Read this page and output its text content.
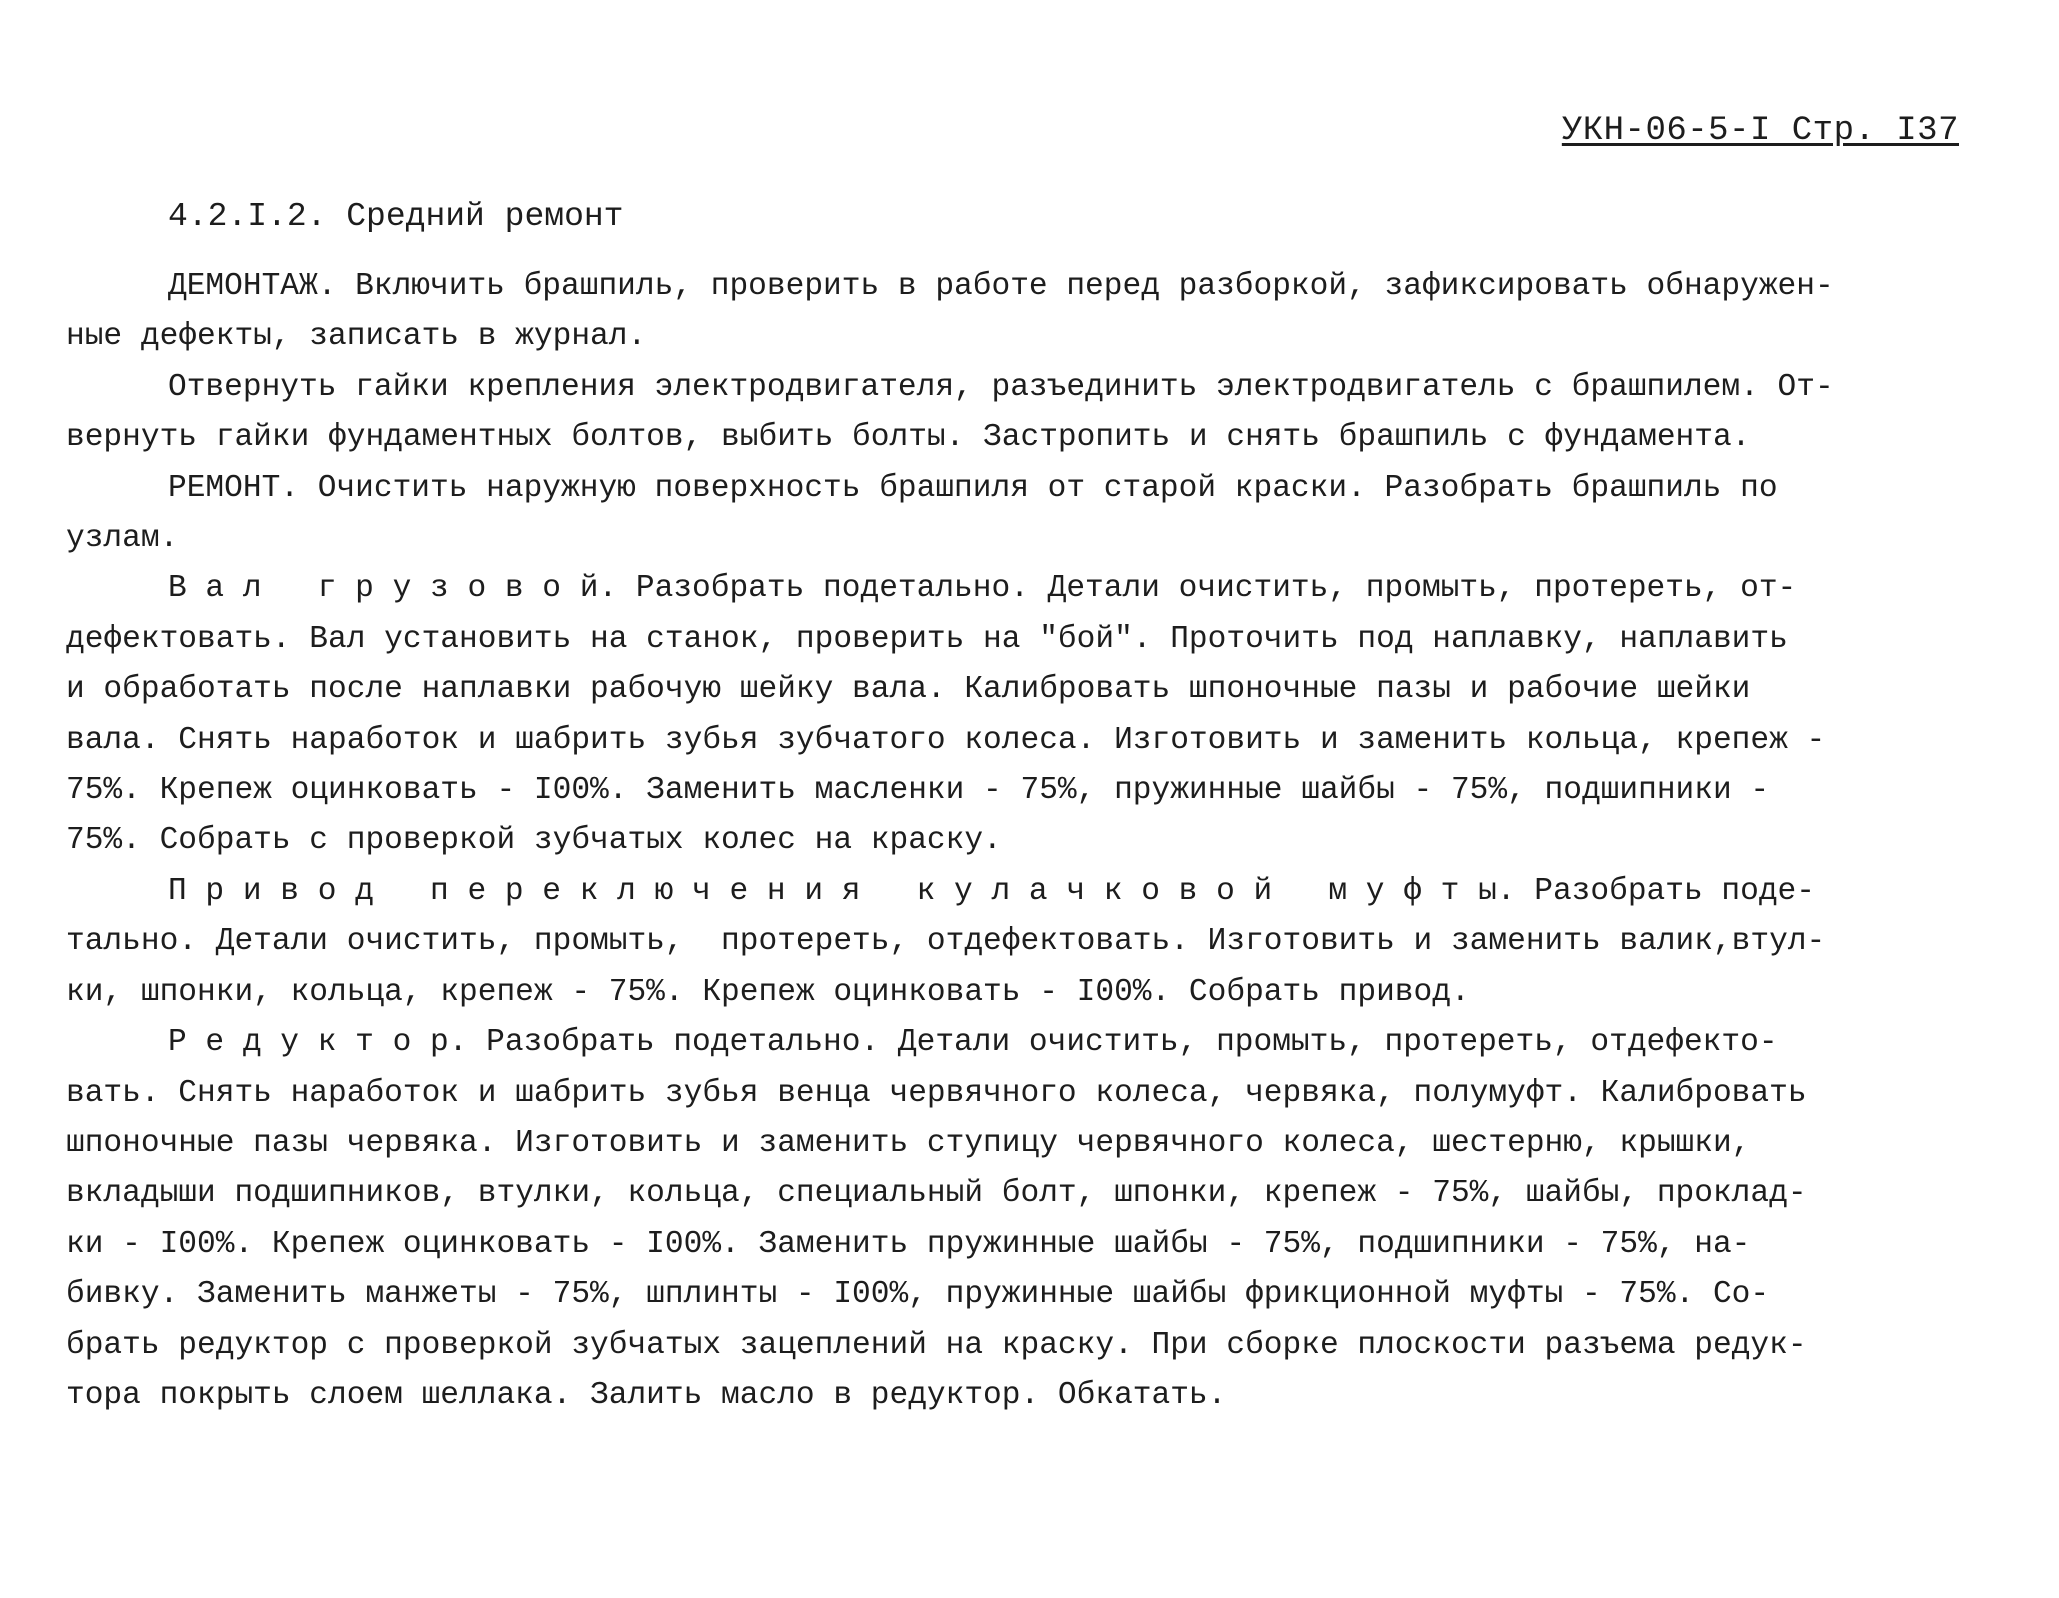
УКН-06-5-I Стр. I37
4.2.I.2. Средний ремонт
ДЕМОНТАЖ. Включить брашпиль, проверить в работе перед разборкой, зафиксировать обнаружен-
ные дефекты, записать в журнал.
Отвернуть гайки крепления электродвигателя, разъединить электродвигатель с брашпилем. От-
вернуть гайки фундаментных болтов, выбить болты. Застропить и снять брашпиль с фундамента.
РЕМОНТ. Очистить наружную поверхность брашпиля от старой краски. Разобрать брашпиль по
узлам.
В а л   г р у з о в о й. Разобрать подетально. Детали очистить, промыть, протереть, от-
дефектовать. Вал установить на станок, проверить на "бой". Проточить под наплавку, наплавить
и обработать после наплавки рабочую шейку вала. Калибровать шпоночные пазы и рабочие шейки
вала. Снять наработок и шабрить зубья зубчатого колеса. Изготовить и заменить кольца, крепеж -
75%. Крепеж оцинковать - I00%. Заменить масленки - 75%, пружинные шайбы - 75%, подшипники -
75%. Собрать с проверкой зубчатых колес на краску.
П р и в о д   п е р е к л ю ч е н и я   к у л а ч к о в о й   м у ф т ы. Разобрать поде-
тально. Детали очистить, промыть,  протереть, отдефектовать. Изготовить и заменить валик,втул-
ки, шпонки, кольца, крепеж - 75%. Крепеж оцинковать - I00%. Собрать привод.
Р е д у к т о р. Разобрать подетально. Детали очистить, промыть, протереть, отдефекто-
вать. Снять наработок и шабрить зубья венца червячного колеса, червяка, полумуфт. Калибровать
шпоночные пазы червяка. Изготовить и заменить ступицу червячного колеса, шестерню, крышки,
вкладыши подшипников, втулки, кольца, специальный болт, шпонки, крепеж - 75%, шайбы, проклад-
ки - I00%. Крепеж оцинковать - I00%. Заменить пружинные шайбы - 75%, подшипники - 75%, на-
бивку. Заменить манжеты - 75%, шплинты - I00%, пружинные шайбы фрикционной муфты - 75%. Со-
брать редуктор с проверкой зубчатых зацеплений на краску. При сборке плоскости разъема редук-
тора покрыть слоем шеллака. Залить масло в редуктор. Обкатать.
